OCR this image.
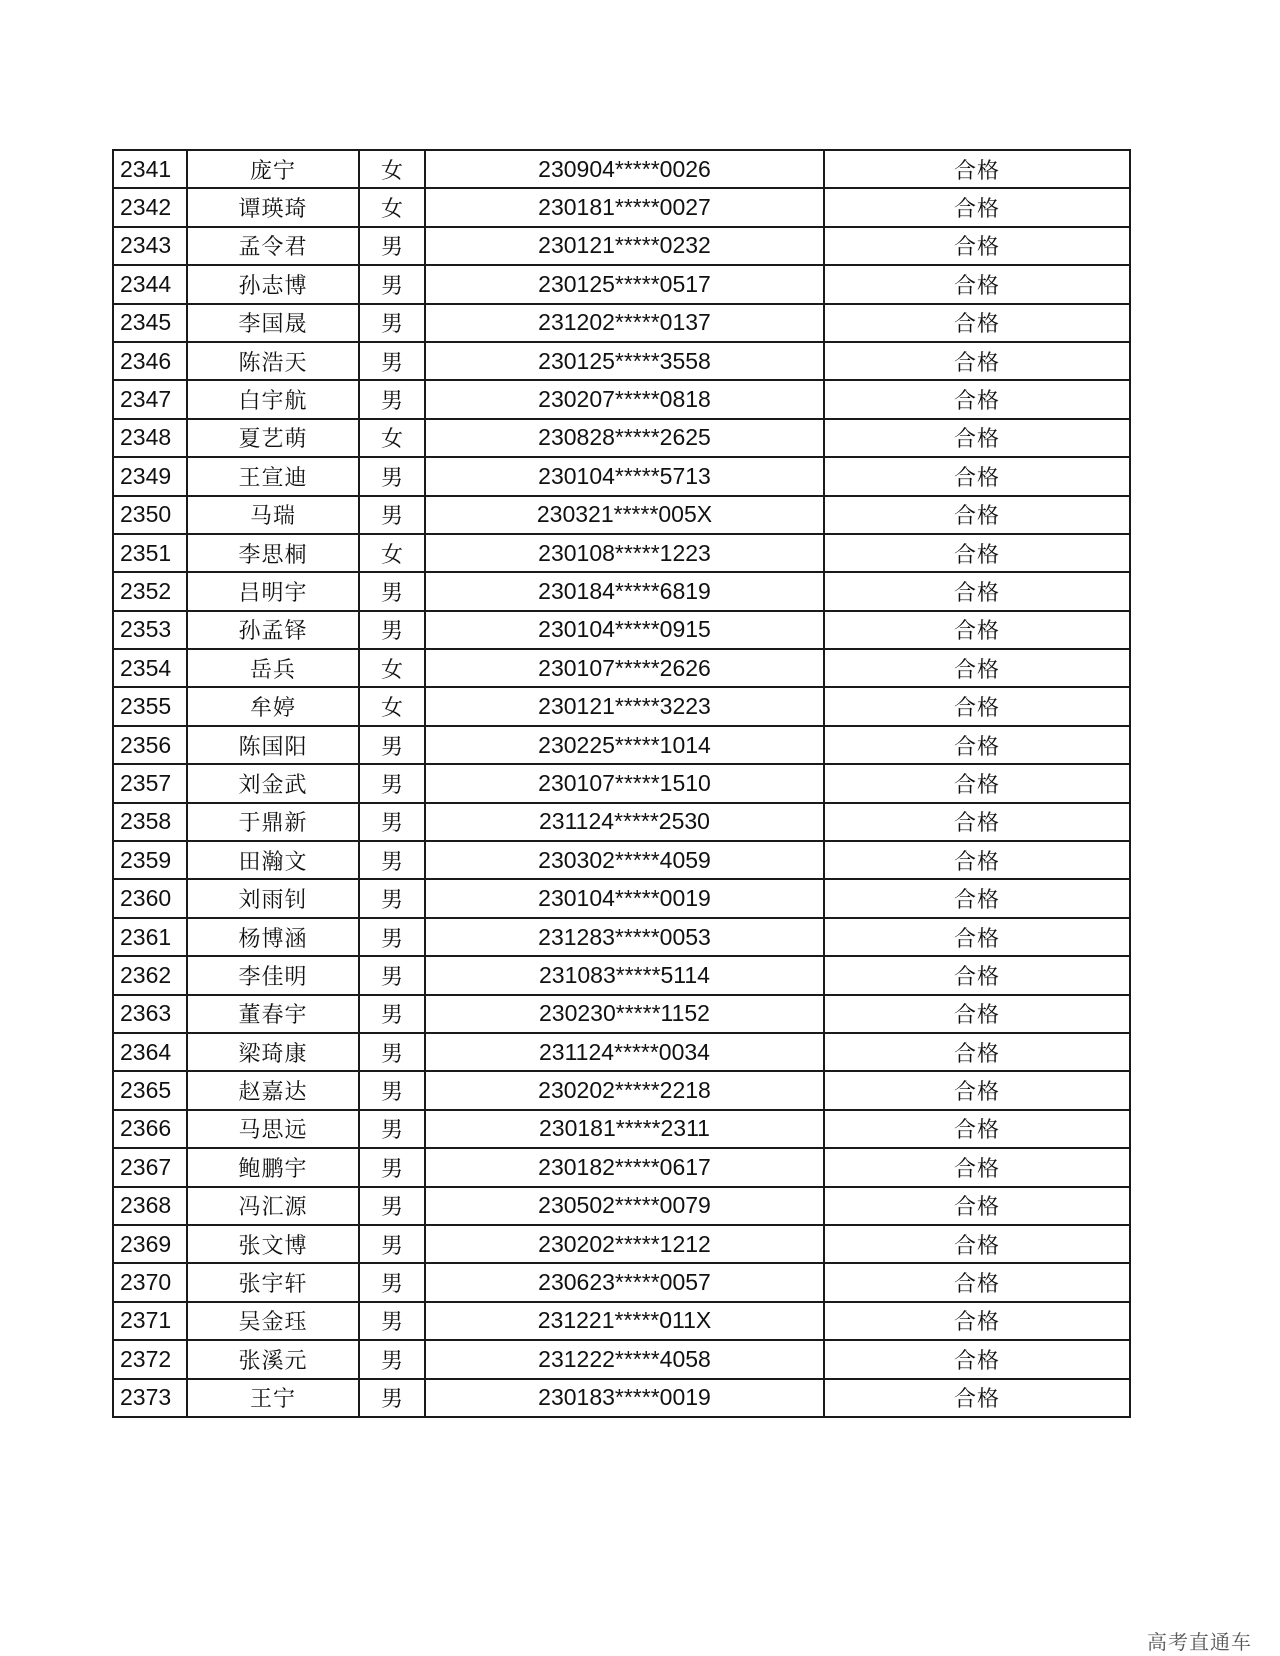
2341	庞宁	女	230904*****0026	合格
2342	谭瑛琦	女	230181*****0027	合格
2343	孟令君	男	230121*****0232	合格
2344	孙志博	男	230125*****0517	合格
2345	李国晟	男	231202*****0137	合格
2346	陈浩天	男	230125*****3558	合格
2347	白宇航	男	230207*****0818	合格
2348	夏艺萌	女	230828*****2625	合格
2349	王宣迪	男	230104*****5713	合格
2350	马瑞	男	230321*****005X	合格
2351	李思桐	女	230108*****1223	合格
2352	吕明宇	男	230184*****6819	合格
2353	孙孟铎	男	230104*****0915	合格
2354	岳兵	女	230107*****2626	合格
2355	牟婷	女	230121*****3223	合格
2356	陈国阳	男	230225*****1014	合格
2357	刘金武	男	230107*****1510	合格
2358	于鼎新	男	231124*****2530	合格
2359	田瀚文	男	230302*****4059	合格
2360	刘雨钊	男	230104*****0019	合格
2361	杨博涵	男	231283*****0053	合格
2362	李佳明	男	231083*****5114	合格
2363	董春宇	男	230230*****1152	合格
2364	梁琦康	男	231124*****0034	合格
2365	赵嘉达	男	230202*****2218	合格
2366	马思远	男	230181*****2311	合格
2367	鲍鹏宇	男	230182*****0617	合格
2368	冯汇源	男	230502*****0079	合格
2369	张文博	男	230202*****1212	合格
2370	张宇轩	男	230623*****0057	合格
2371	吴金珏	男	231221*****011X	合格
2372	张溪元	男	231222*****4058	合格
2373	王宁	男	230183*****0019	合格
高考直通车
